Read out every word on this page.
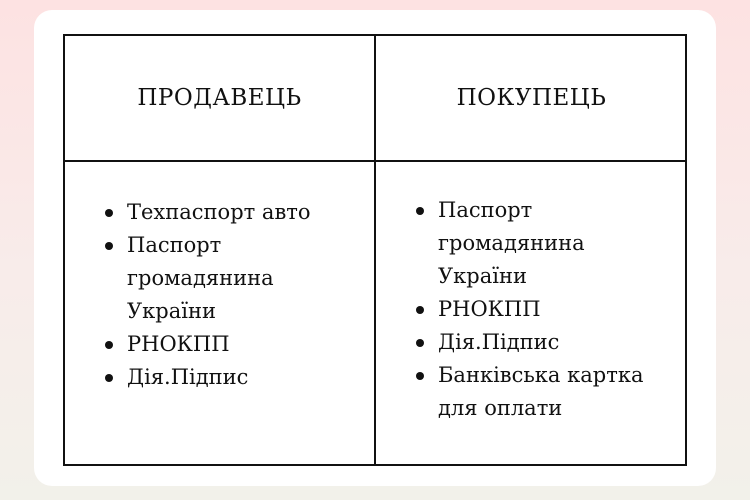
ПРОДАВЕЦЬ	ПОКУПЕЦЬ
Техпаспорт авто
Паспорт громадянина України
РНОКПП
Дія.Підпис
Паспорт громадянина України
РНОКПП
Дія.Підпис
Банківська картка для оплати
